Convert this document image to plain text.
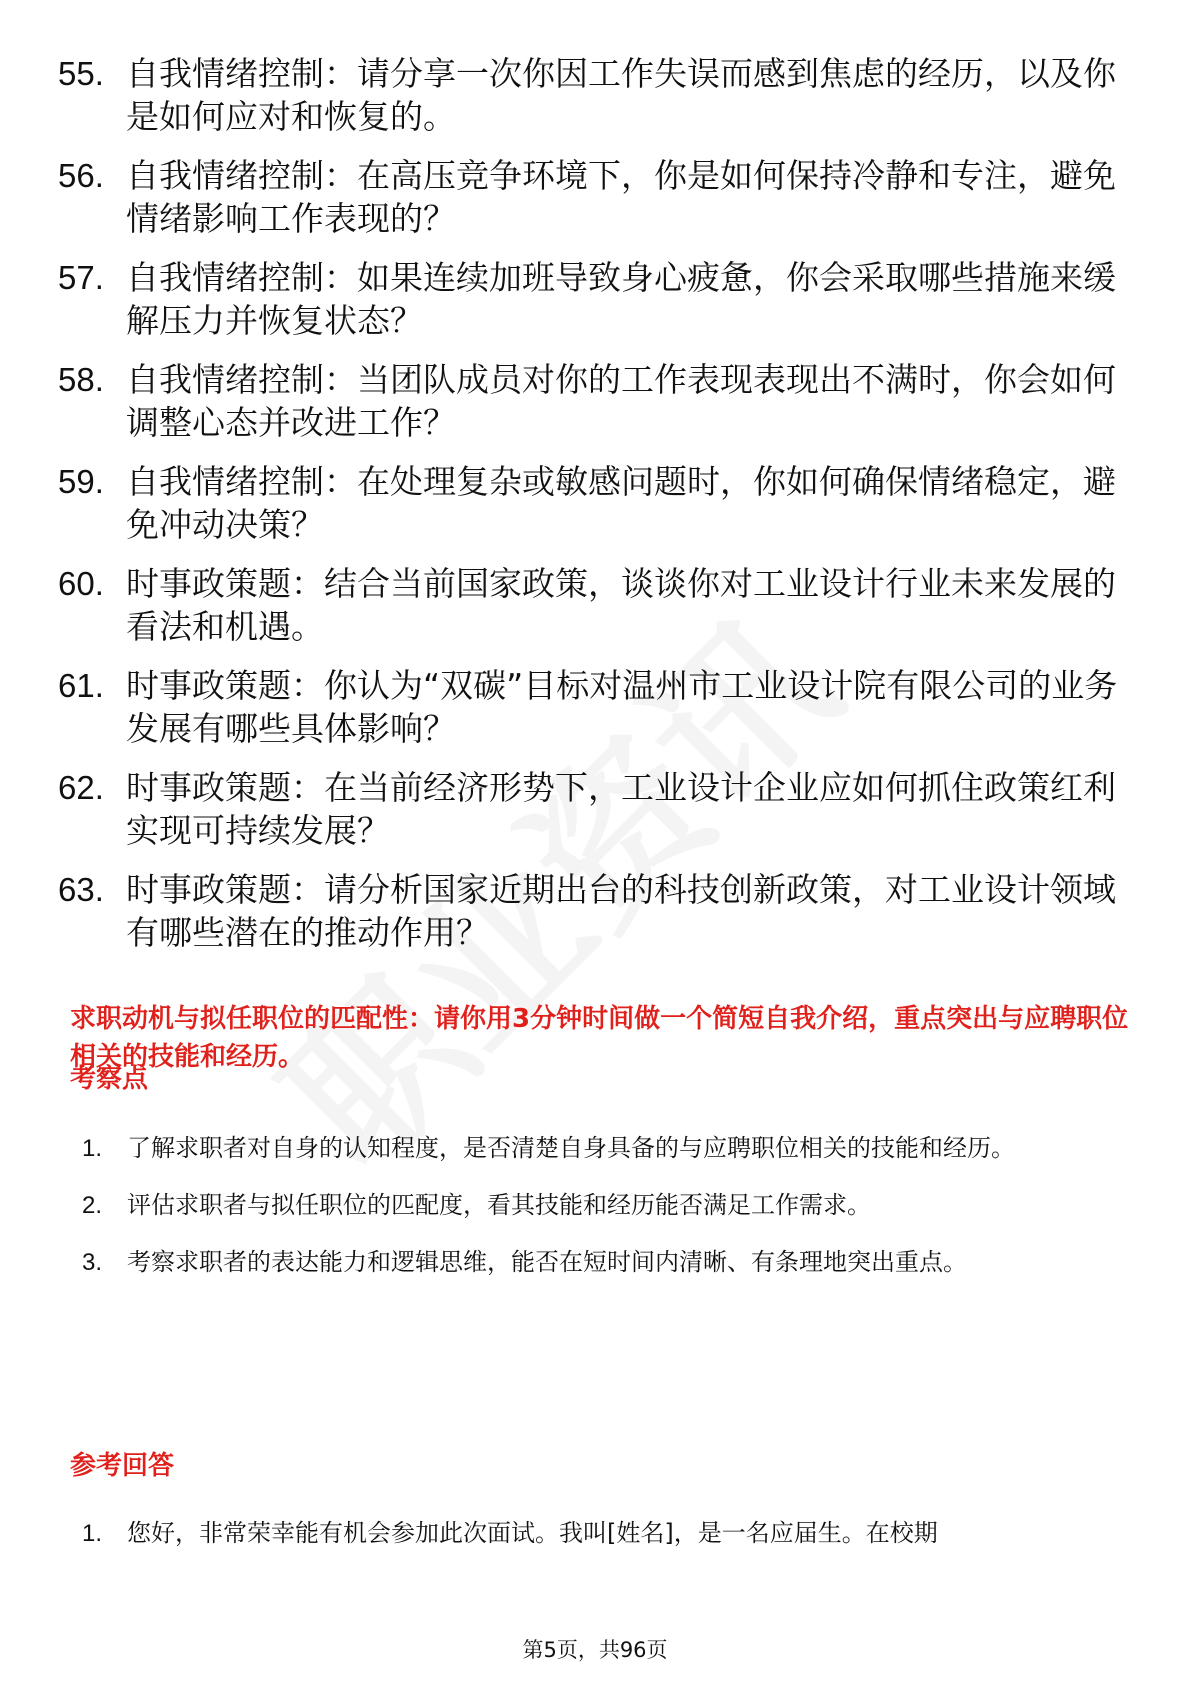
55. 自我情绪控制：请分享一次你因工作失误而感到焦虑的经历，以及你是如何应对和恢复的。
56. 自我情绪控制：在高压竞争环境下，你是如何保持冷静和专注，避免情绪影响工作表现的？
57. 自我情绪控制：如果连续加班导致身心疲惫，你会采取哪些措施来缓解压力并恢复状态？
58. 自我情绪控制：当团队成员对你的工作表现表现出不满时，你会如何调整心态并改进工作？
59. 自我情绪控制：在处理复杂或敏感问题时，你如何确保情绪稳定，避免冲动决策？
60. 时事政策题：结合当前国家政策，谈谈你对工业设计行业未来发展的看法和机遇。
61. 时事政策题：你认为“双碳”目标对温州市工业设计院有限公司的业务发展有哪些具体影响？
62. 时事政策题：在当前经济形势下，工业设计企业应如何抓住政策红利实现可持续发展？
63. 时事政策题：请分析国家近期出台的科技创新政策，对工业设计领域有哪些潜在的推动作用？
求职动机与拟任职位的匹配性：请你用3分钟时间做一个简短自我介绍，重点突出与应聘职位相关的技能和经历。
考察点
1. 了解求职者对自身的认知程度，是否清楚自身具备的与应聘职位相关的技能和经历。
2. 评估求职者与拟任职位的匹配度，看其技能和经历能否满足工作需求。
3. 考察求职者的表达能力和逻辑思维，能否在短时间内清晰、有条理地突出重点。
参考回答
1. 您好，非常荣幸能有机会参加此次面试。我叫[姓名]，是一名应届生。在校期
第5页，共96页
